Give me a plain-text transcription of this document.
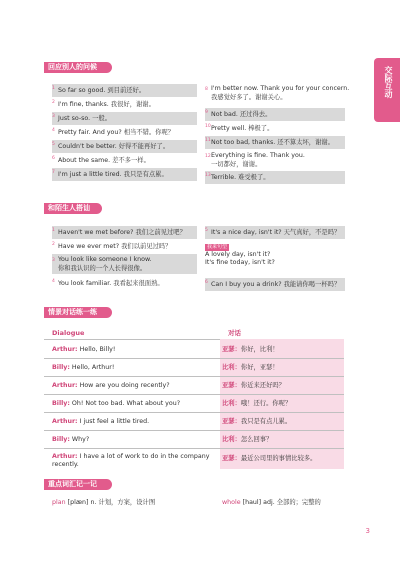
交际互动
回应别人的问候
1 So far so good. 到目前还好。
2 I'm fine, thanks. 我很好，谢谢。
3 Just so-so. 一般。
4 Pretty fair. And you? 相当不错。你呢？
5 Couldn't be better. 好得不能再好了。
6 About the same. 差不多一样。
7 I'm just a little tired. 我只是有点累。
8 I'm better now. Thank you for your concern.
我感觉好多了。谢谢关心。
9 Not bad. 还过得去。
10Pretty well. 棒极了。
11Not too bad, thanks. 还不算太坏，谢谢。
12Everything is fine. Thank you.
一切都好，谢谢。
13Terrible. 难受极了。
和陌生人搭讪
1 Haven't we met before? 我们之前见过吧？
2 Have we ever met? 我们以前见过吗？
3 You look like someone I know.
你和我认识的一个人长得很像。
4 You look familiar. 我看起来很面熟。
5 It's a nice day, isn't it? 天气真好，不是吗？
我来句型
A lovely day, isn't it?
It's fine today, isn't it?
6 Can I buy you a drink? 我能请你喝一杯吗？
情景对话练一练
Dialogue	对话
Arthur: Hello, Billy!	亚瑟：你好，比利！
Billy: Hello, Arthur!	比利：你好，亚瑟！
Arthur: How are you doing recently?	亚瑟：你近来还好吗？
Billy: Oh! Not too bad. What about you?	比利：哦！还行。你呢？
Arthur: I just feel a little tired.	亚瑟：我只是有点儿累。
Billy: Why?	比利：怎么回事？
Arthur: I have a lot of work to do in the company recently.
亚瑟：最近公司里的事情比较多。
重点词汇记一记
plan [plæn] n. 计划，方案，设计图	whole [haul] adj. 全部的；完整的
3
